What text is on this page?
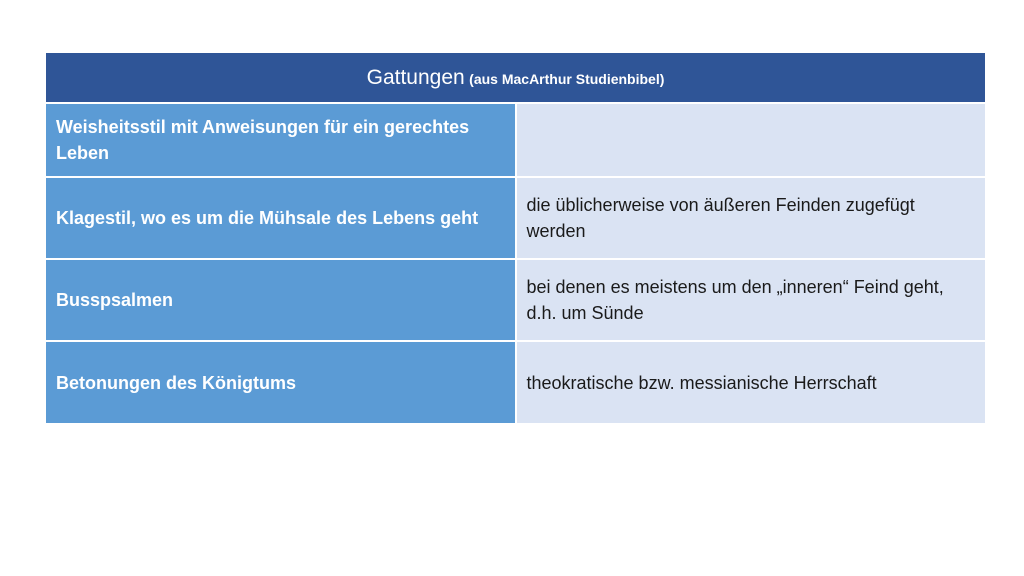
Gattungen (aus MacArthur Studienbibel)	
Weisheitsstil mit Anweisungen für ein gerechtes Leben	
Klagestil, wo es um die Mühsale des Lebens geht	die üblicherweise von äußeren Feinden zugefügt werden
Busspsalmen	bei denen es meistens um den „inneren“ Feind geht, d.h. um Sünde
Betonungen des Königtums	theokratische bzw. messianische Herrschaft
